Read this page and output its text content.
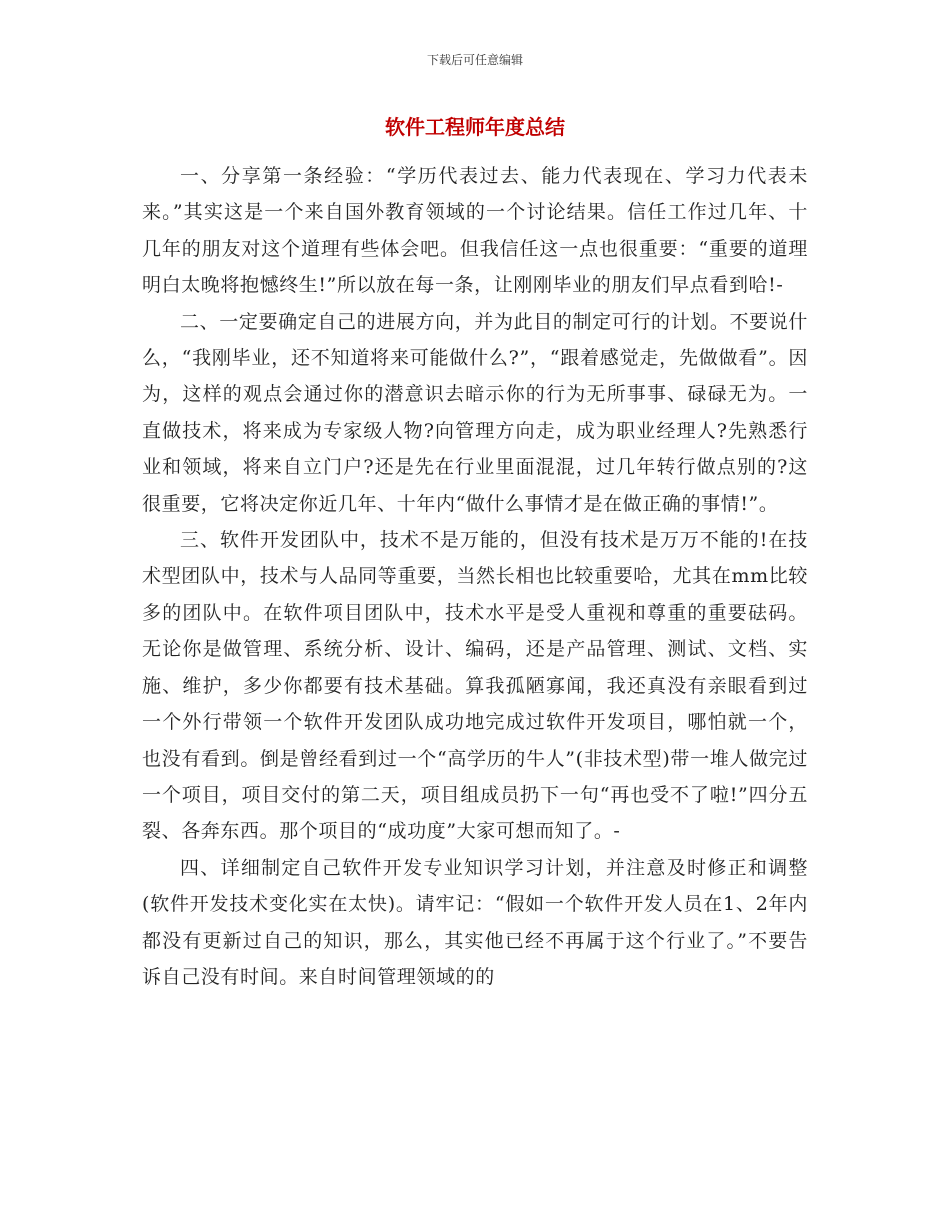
下载后可任意编辑
软件工程师年度总结

一、分享第一条经验：“学历代表过去、能力代表现在、学习力代表未来。”其实这是一个来自国外教育领域的一个讨论结果。信任工作过几年、十几年的朋友对这个道理有些体会吧。但我信任这一点也很重要：“重要的道理明白太晚将抱憾终生!”所以放在每一条，让刚刚毕业的朋友们早点看到哈!-

二、一定要确定自己的进展方向，并为此目的制定可行的计划。不要说什么，“我刚毕业，还不知道将来可能做什么?”，“跟着感觉走，先做做看”。因为，这样的观点会通过你的潜意识去暗示你的行为无所事事、碌碌无为。一直做技术，将来成为专家级人物?向管理方向走，成为职业经理人?先熟悉行业和领域，将来自立门户?还是先在行业里面混混，过几年转行做点别的?这很重要，它将决定你近几年、十年内“做什么事情才是在做正确的事情!”。

三、软件开发团队中，技术不是万能的，但没有技术是万万不能的!在技术型团队中，技术与人品同等重要，当然长相也比较重要哈，尤其在mm比较多的团队中。在软件项目团队中，技术水平是受人重视和尊重的重要砝码。无论你是做管理、系统分析、设计、编码，还是产品管理、测试、文档、实施、维护，多少你都要有技术基础。算我孤陋寡闻，我还真没有亲眼看到过一个外行带领一个软件开发团队成功地完成过软件开发项目，哪怕就一个，也没有看到。倒是曾经看到过一个“高学历的牛人”(非技术型)带一堆人做完过一个项目，项目交付的第二天，项目组成员扔下一句“再也受不了啦!”四分五裂、各奔东西。那个项目的“成功度”大家可想而知了。-

四、详细制定自己软件开发专业知识学习计划，并注意及时修正和调整(软件开发技术变化实在太快)。请牢记：“假如一个软件开发人员在1、2年内都没有更新过自己的知识，那么，其实他已经不再属于这个行业了。”不要告诉自己没有时间。来自时间管理领域的的
